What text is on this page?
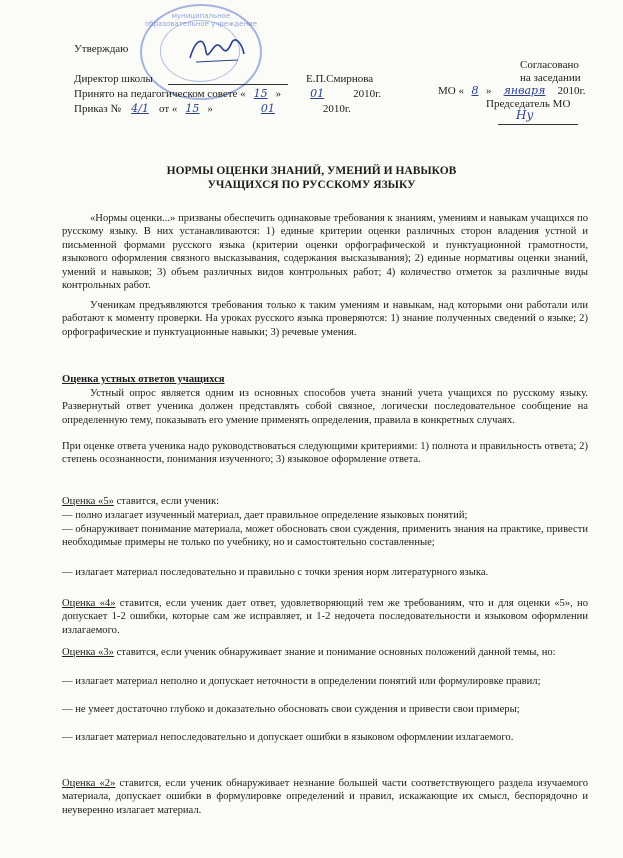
муниципальное образовательное учреждение
Утверждаю
Директор школы	Е.П.Смирнова
Принято на педагогическом совете « 15 »	01	2010г.
Приказ № 4/1 от « 15 »	01	2010г.
Согласовано
на заседании
МО « 8 » января 2010г.
Председатель МО
Ну
НОРМЫ ОЦЕНКИ ЗНАНИЙ, УМЕНИЙ И НАВЫКОВ
УЧАЩИХСЯ ПО РУССКОМУ ЯЗЫКУ
«Нормы оценки...» призваны обеспечить одинаковые требования к знаниям, умениям и навыкам учащихся по русскому языку. В них устанавливаются: 1) единые критерии оценки различных сторон владения устной и письменной формами русского языка (критерии оценки орфографической и пунктуационной грамотности, языкового оформления связного высказывания, содержания высказывания); 2) единые нормативы оценки знаний, умений и навыков; 3) объем различных видов контрольных работ; 4) количество отметок за различные виды контрольных работ.
Ученикам предъявляются требования только к таким умениям и навыкам, над которыми они работали или работают к моменту проверки. На уроках русского языка проверяются: 1) знание полученных сведений о языке; 2) орфографические и пунктуационные навыки; 3) речевые умения.
Оценка устных ответов учащихся
Устный опрос является одним из основных способов учета знаний учета учащихся по русскому языку. Развернутый ответ ученика должен представлять собой связное, логически последовательное сообщение на определенную тему, показывать его умение применять определения, правила в конкретных случаях.
При оценке ответа ученика надо руководствоваться следующими критериями: 1) полнота и правильность ответа; 2) степень осознанности, понимания изученного; 3) языковое оформление ответа.
Оценка «5» ставится, если ученик:
— полно излагает изученный материал, дает правильное определение языковых понятий;
— обнаруживает понимание материала, может обосновать свои суждения, применить знания на практике, привести необходимые примеры не только по учебнику, но и самостоятельно составленные;
— излагает материал последовательно и правильно с точки зрения норм литературного языка.
Оценка «4» ставится, если ученик дает ответ, удовлетворяющий тем же требованиям, что и для оценки «5», но допускает 1-2 ошибки, которые сам же исправляет, и 1-2 недочета последовательности и языковом оформлении излагаемого.
Оценка «3» ставится, если ученик обнаруживает знание и понимание основных положений данной темы, но:
— излагает материал неполно и допускает неточности в определении понятий или формулировке правил;
— не умеет достаточно глубоко и доказательно обосновать свои суждения и привести свои примеры;
— излагает материал непоследовательно и допускает ошибки в языковом оформлении излагаемого.
Оценка «2» ставится, если ученик обнаруживает незнание большей части соответствующего раздела изучаемого материала, допускает ошибки в формулировке определений и правил, искажающие их смысл, беспорядочно и неуверенно излагает материал.
